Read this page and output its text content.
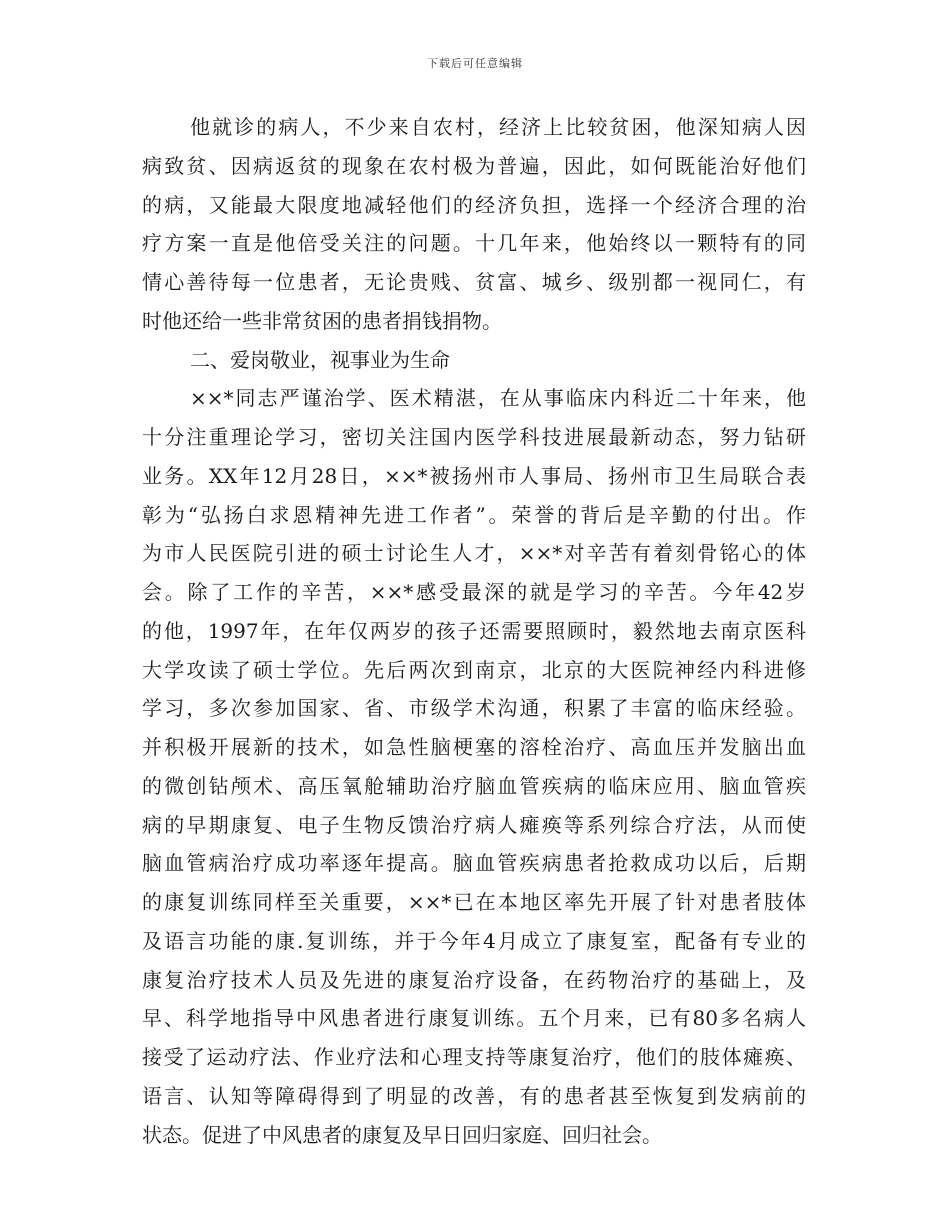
下载后可任意编辑
他就诊的病人，不少来自农村，经济上比较贫困，他深知病人因
病致贫、因病返贫的现象在农村极为普遍，因此，如何既能治好他们
的病，又能最大限度地减轻他们的经济负担，选择一个经济合理的治
疗方案一直是他倍受关注的问题。十几年来，他始终以一颗特有的同
情心善待每一位患者，无论贵贱、贫富、城乡、级别都一视同仁，有
时他还给一些非常贫困的患者捐钱捐物。
二、爱岗敬业，视事业为生命
××*同志严谨治学、医术精湛，在从事临床内科近二十年来，他
十分注重理论学习，密切关注国内医学科技进展最新动态，努力钻研
业务。XX年12月28日，××*被扬州市人事局、扬州市卫生局联合表
彰为“弘扬白求恩精神先进工作者”。荣誉的背后是辛勤的付出。作
为市人民医院引进的硕士讨论生人才，××*对辛苦有着刻骨铭心的体
会。除了工作的辛苦，××*感受最深的就是学习的辛苦。今年42岁
的他，1997年，在年仅两岁的孩子还需要照顾时，毅然地去南京医科
大学攻读了硕士学位。先后两次到南京，北京的大医院神经内科进修
学习，多次参加国家、省、市级学术沟通，积累了丰富的临床经验。
并积极开展新的技术，如急性脑梗塞的溶栓治疗、高血压并发脑出血
的微创钻颅术、高压氧舱辅助治疗脑血管疾病的临床应用、脑血管疾
病的早期康复、电子生物反馈治疗病人瘫痪等系列综合疗法，从而使
脑血管病治疗成功率逐年提高。脑血管疾病患者抢救成功以后，后期
的康复训练同样至关重要，××*已在本地区率先开展了针对患者肢体
及语言功能的康.复训练，并于今年4月成立了康复室，配备有专业的
康复治疗技术人员及先进的康复治疗设备，在药物治疗的基础上，及
早、科学地指导中风患者进行康复训练。五个月来，已有80多名病人
接受了运动疗法、作业疗法和心理支持等康复治疗，他们的肢体瘫痪、
语言、认知等障碍得到了明显的改善，有的患者甚至恢复到发病前的
状态。促进了中风患者的康复及早日回归家庭、回归社会。
